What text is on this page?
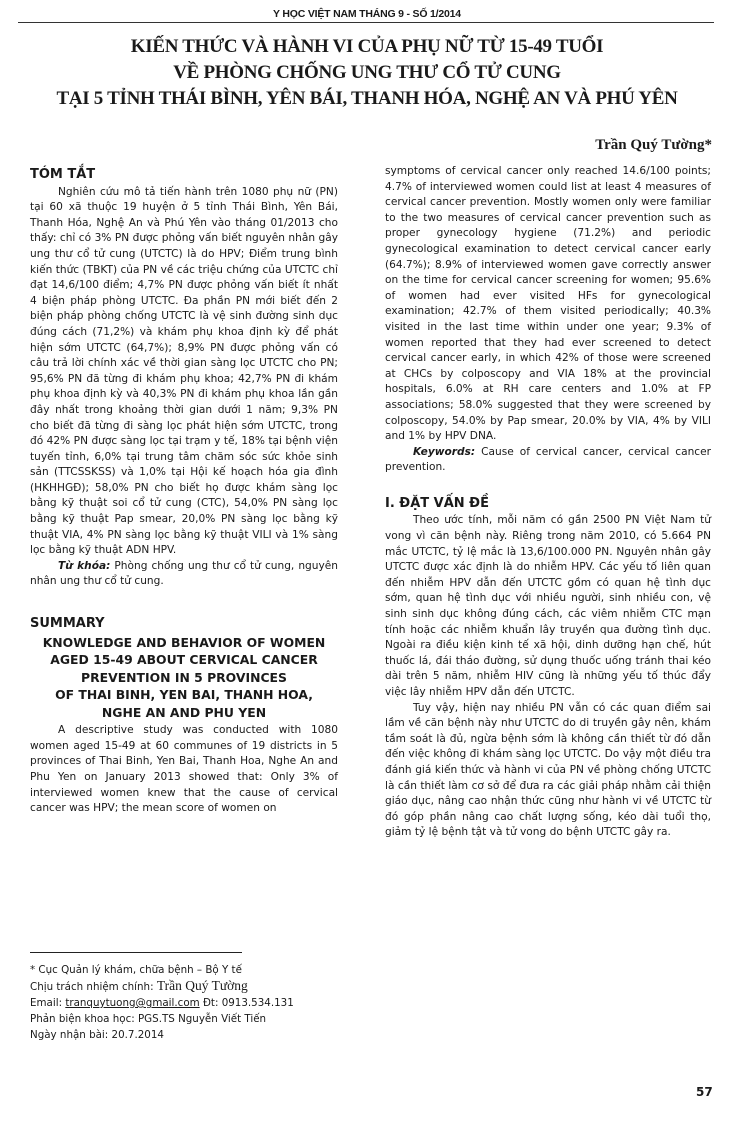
Y HỌC VIỆT NAM THÁNG 9 - SỐ 1/2014
KIẾN THỨC VÀ HÀNH VI CỦA PHỤ NỮ TỪ 15-49 TUỔI
VỀ PHÒNG CHỐNG UNG THƯ CỔ TỬ CUNG
TẠI 5 TỈNH THÁI BÌNH, YÊN BÁI, THANH HÓA, NGHỆ AN VÀ PHÚ YÊN
Trần Quý Tường*
TÓM TẮT

Nghiên cứu mô tả tiến hành trên 1080 phụ nữ (PN) tại 60 xã thuộc 19 huyện ở 5 tỉnh Thái Bình, Yên Bái, Thanh Hóa, Nghệ An và Phú Yên vào tháng 01/2013 cho thấy: chỉ có 3% PN được phỏng vấn biết nguyên nhân gây ung thư cổ tử cung (UTCTC) là do HPV; Điểm trung bình kiến thức (TBKT) của PN về các triệu chứng của UTCTC chỉ đạt 14,6/100 điểm; 4,7% PN được phỏng vấn biết ít nhất 4 biện pháp phòng UTCTC. Đa phần PN mới biết đến 2 biện pháp phòng chống UTCTC là vệ sinh đường sinh dục đúng cách (71,2%) và khám phụ khoa định kỳ để phát hiện sớm UTCTC (64,7%); 8,9% PN được phỏng vấn có câu trả lời chính xác về thời gian sàng lọc UTCTC cho PN; 95,6% PN đã từng đi khám phụ khoa; 42,7% PN đi khám phụ khoa định kỳ và 40,3% PN đi khám phụ khoa lần gần đây nhất trong khoảng thời gian dưới 1 năm; 9,3% PN cho biết đã từng đi sàng lọc phát hiện sớm UTCTC, trong đó 42% PN được sàng lọc tại trạm y tế, 18% tại bệnh viện tuyến tỉnh, 6,0% tại trung tâm chăm sóc sức khỏe sinh sản (TTCSSKSS) và 1,0% tại Hội kế hoạch hóa gia đình (HKHHGĐ); 58,0% PN cho biết họ được khám sàng lọc bằng kỹ thuật soi cổ tử cung (CTC), 54,0% PN sàng lọc bằng kỹ thuật Pap smear, 20,0% PN sàng lọc bằng kỹ thuật VIA, 4% PN sàng lọc bằng kỹ thuật VILI và 1% sàng lọc bằng kỹ thuật ADN HPV.

Từ khóa: Phòng chống ung thư cổ tử cung, nguyên nhân ung thư cổ tử cung.

SUMMARY
KNOWLEDGE AND BEHAVIOR OF WOMEN
AGED 15-49 ABOUT CERVICAL CANCER
PREVENTION IN 5 PROVINCES
OF THAI BINH, YEN BAI, THANH HOA,
NGHE AN AND PHU YEN

A descriptive study was conducted with 1080 women aged 15-49 at 60 communes of 19 districts in 5 provinces of Thai Binh, Yen Bai, Thanh Hoa, Nghe An and Phu Yen on January 2013 showed that: Only 3% of interviewed women knew that the cause of cervical cancer was HPV; the mean score of women on

* Cục Quản lý khám, chữa bệnh – Bộ Y tế
Chịu trách nhiệm chính: Trần Quý Tường
Email: tranquytuong@gmail.com Đt: 0913.534.131
Phản biện khoa học: PGS.TS Nguyễn Viết Tiến
Ngày nhận bài: 20.7.2014

symptoms of cervical cancer only reached 14.6/100 points; 4.7% of interviewed women could list at least 4 measures of cervical cancer prevention. Mostly women only were familiar to the two measures of cervical cancer prevention such as proper gynecology hygiene (71.2%) and periodic gynecological examination to detect cervical cancer early (64.7%); 8.9% of interviewed women gave correctly answer on the time for cervical cancer screening for women; 95.6% of women had ever visited HFs for gynecological examination; 42.7% of them visited periodically; 40.3% visited in the last time within under one year; 9.3% of women reported that they had ever screened to detect cervical cancer early, in which 42% of those were screened at CHCs by colposcopy and VIA 18% at the provincial hospitals, 6.0% at RH care centers and 1.0% at FP associations; 58.0% suggested that they were screened by colposcopy, 54.0% by Pap smear, 20.0% by VIA, 4% by VILI and 1% by HPV DNA.

Keywords: Cause of cervical cancer, cervical cancer prevention.

I. ĐẶT VẤN ĐỀ

Theo ước tính, mỗi năm có gần 2500 PN Việt Nam tử vong vì căn bệnh này. Riêng trong năm 2010, có 5.664 PN mắc UTCTC, tỷ lệ mắc là 13,6/100.000 PN. Nguyên nhân gây UTCTC được xác định là do nhiễm HPV. Các yếu tố liên quan đến nhiễm HPV dẫn đến UTCTC gồm có quan hệ tình dục sớm, quan hệ tình dục với nhiều người, sinh nhiều con, vệ sinh sinh dục không đúng cách, các viêm nhiễm CTC mạn tính hoặc các nhiễm khuẩn lây truyền qua đường tình dục. Ngoài ra điều kiện kinh tế xã hội, dinh dưỡng hạn chế, hút thuốc lá, đái tháo đường, sử dụng thuốc uống tránh thai kéo dài trên 5 năm, nhiễm HIV cũng là những yếu tố thúc đẩy việc lây nhiễm HPV dẫn đến UTCTC.

Tuy vậy, hiện nay nhiều PN vẫn có các quan điểm sai lầm về căn bệnh này như UTCTC do di truyền gây nên, khám tầm soát là đủ, ngừa bệnh sớm là không cần thiết từ đó dẫn đến việc không đi khám sàng lọc UTCTC. Do vậy một điều tra đánh giá kiến thức và hành vi của PN về phòng chống UTCTC là cần thiết làm cơ sở để đưa ra các giải pháp nhằm cải thiện giáo dục, nâng cao nhận thức cũng như hành vi về UTCTC từ đó góp phần nâng cao chất lượng sống, kéo dài tuổi thọ, giảm tỷ lệ bệnh tật và tử vong do bệnh UTCTC gây ra.

57
